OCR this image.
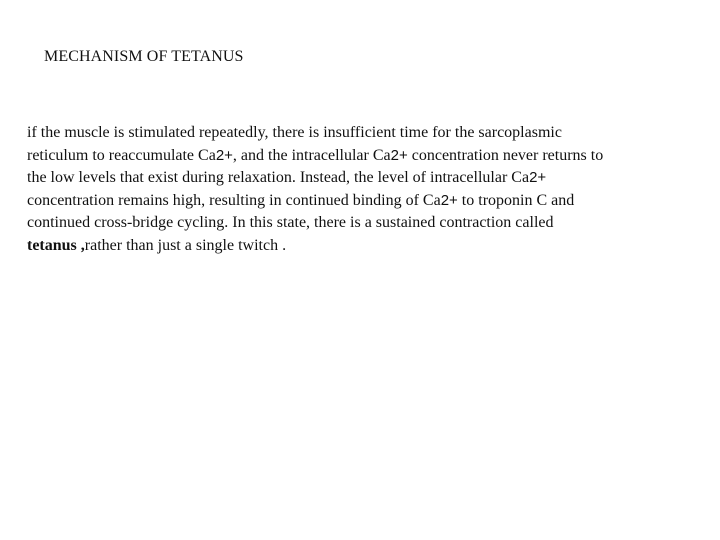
MECHANISM OF TETANUS

if the muscle is stimulated repeatedly, there is insufficient time for the sarcoplasmic
reticulum to reaccumulate Ca2+, and the intracellular Ca2+ concentration never returns to
the low levels that exist during relaxation. Instead, the level of intracellular Ca2+
concentration remains high, resulting in continued binding of Ca2+ to troponin C and
continued cross-bridge cycling. In this state, there is a sustained contraction called
tetanus ,rather than just a single twitch .
